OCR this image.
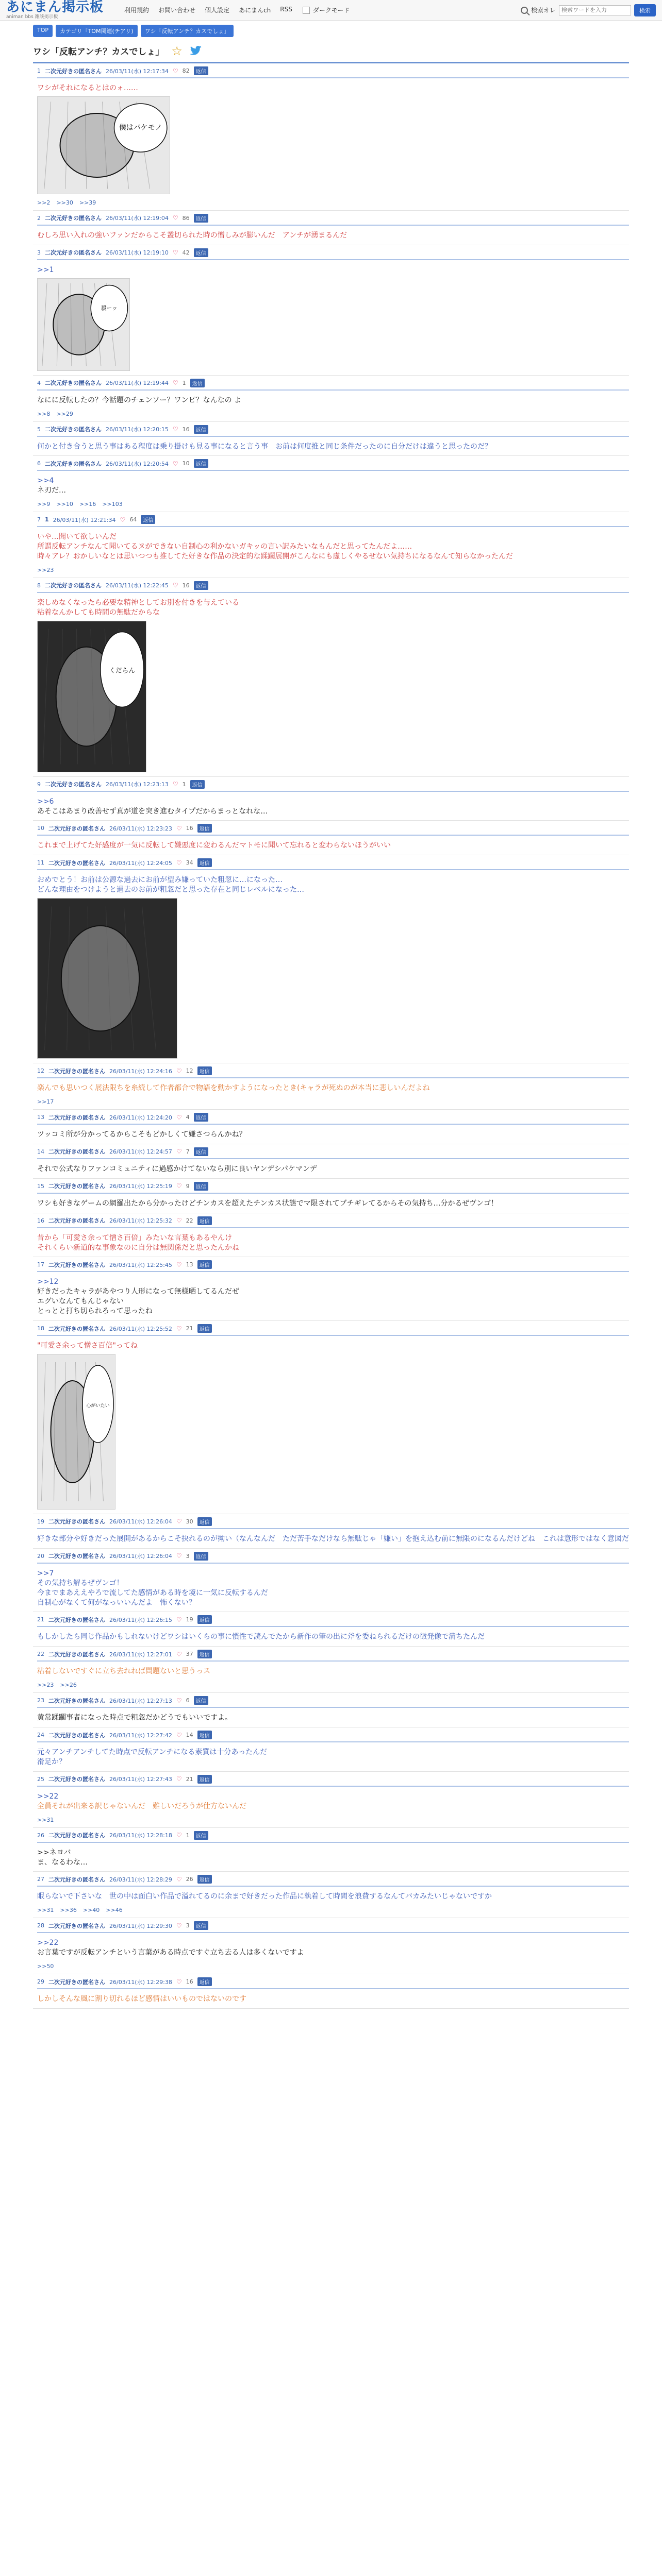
あにまん掲示板
animan bbs 雑談掲示板
利用規約 お問い合わせ 個人設定 あにまんch RSS	ダークモード	検索オレ
検索ワードを入力	検索
TOP	カテゴリ「TOM関連(チアリ)	ワシ「反転アンチ？カスでしょ」
ワシ「反転アンチ？カスでしょ」 ☆
1 二次元好きの匿名さん 26/03/11(水) 12:17:34 ♡ 82	返信
ワシがそれになるとはのォ……
僕はバケモノ
>>2 >>30 >>39
2 二次元好きの匿名さん 26/03/11(水) 12:19:04 ♡ 86	返信
むしろ思い入れの強いファンだからこそ叢切られた時の憎しみが膨いんだ　アンチが湧まるんだ
3 二次元好きの匿名さん 26/03/11(水) 12:19:10 ♡ 42	返信
>>1
殺ーッ
4 二次元好きの匿名さん 26/03/11(水) 12:19:44 ♡ 1	返信
なにに反転したの？今話題のチェンソー？ワンピ？なんなの よ
>>8 >>29
5 二次元好きの匿名さん 26/03/11(水) 12:20:15 ♡ 16	返信
何かと付き合うと思う事はある程度は乗り掛けも見る事になると言う事　お前は何度推と同じ条件だったのに自分だけは違うと思ったのだ？
6 二次元好きの匿名さん 26/03/11(水) 12:20:54 ♡ 10	返信
>>4
ネ刃だ…
>>9 >>10 >>16 >>103
7 1 26/03/11(水) 12:21:34 ♡ 64	返信
いや…聞いて欲しいんだ
所謂反転アンチなんて聞いてるヌができない自制心の利かないガキッの言い訳みたいなもんだと思ってたんだよ……
時々アレ？おかしいなとは思いつつも推してた好きな作品の決定的な蹂躙展開がこんなにも虚しくやるせない気持ちになるなんて知らなかったんだ
>>23
8 二次元好きの匿名さん 26/03/11(水) 12:22:45 ♡ 16	返信
楽しめなくなったら必要な精神としてお別を付きを与えている
粘着なんかしても時間の無駄だからな
くだらん
9 二次元好きの匿名さん 26/03/11(水) 12:23:13 ♡ 1	返信
>>6
あそこはあまり改善せず真が道を突き進むタイプだからまっとなれな…
10 二次元好きの匿名さん 26/03/11(水) 12:23:23 ♡ 16	返信
これまで上げてた好感度が一気に反転して嫌悪度に変わるんだマトモに聞いて忘れると変わらないほうがいい
11 二次元好きの匿名さん 26/03/11(水) 12:24:05 ♡ 34	返信
おめでとう！お前は公源な過去にお前が望み嫌っていた粗忽に…になった…
どんな理由をつけようと過去のお前が粗忽だと思った存在と同じレベルになった…
12 二次元好きの匿名さん 26/03/11(水) 12:24:16 ♡ 12	返信
楽んでも思いつく展法限ちを糸続して作者都合で物語を動かすようになったとき(キャラが死ぬのが本当に悲しいんだよね
>>17
13 二次元好きの匿名さん 26/03/11(水) 12:24:20 ♡ 4	返信
ツッコミ所が分かってるからこそもどかしくて嫌さつらんかね？
14 二次元好きの匿名さん 26/03/11(水) 12:24:57 ♡ 7	返信
それで公式なりファンコミュニティに過感かけてないなら別に良いヤンデシパケマンデ
15 二次元好きの匿名さん 26/03/11(水) 12:25:19 ♡ 9	返信
ワシも好きなゲームの網羅出たから分かったけどチンカスを超えたチンカス状態でマ限されてブチギレてるからその気持ち…分かるぜヴンゴ！
16 二次元好きの匿名さん 26/03/11(水) 12:25:32 ♡ 22	返信
昔から「可愛さ余って憎さ百倍」みたいな言葉もあるやんけ
それくらい新道的な事象なのに自分は無関係だと思ったんかね
17 二次元好きの匿名さん 26/03/11(水) 12:25:45 ♡ 13	返信
>>12
好きだったキャラがあやつり人形になって無様晒してるんだぜ
エグいなんてもんじゃない
とっとと打ち切られろって思ったね
18 二次元好きの匿名さん 26/03/11(水) 12:25:52 ♡ 21	返信
"可愛さ余って憎さ百倍"ってね
心がいたい
19 二次元好きの匿名さん 26/03/11(水) 12:26:04 ♡ 30	返信
好きな部分や好きだった展開があるからこそ抉れるのが拗い（なんなんだ　ただ苦手なだけなら無駄じゃ「嫌い」を抱え込む前に無限のになるんだけどね　これは意形ではなく意図だ
20 二次元好きの匿名さん 26/03/11(水) 12:26:04 ♡ 3	返信
>>7
その気持ち解るぜヴンゴ！
今までまあええやろで流してた感情がある時を境に一気に反転するんだ
自制心がなくて何がなっいいんだよ　怖くない？
21 二次元好きの匿名さん 26/03/11(水) 12:26:15 ♡ 19	返信
もしかしたら同じ作品かもしれないけどワシはいくらの事に慣性で読んでたから新作の筆の出に斧を委ねられるだけの徴発像で満ちたんだ
22 二次元好きの匿名さん 26/03/11(水) 12:27:01 ♡ 37	返信
粘着しないですぐに立ち去れれば問題ないと思うっス
>>23 >>26
23 二次元好きの匿名さん 26/03/11(水) 12:27:13 ♡ 6	返信
黄常蹂躙事者になった時点で粗忽だかどうでもいいですよ。
24 二次元好きの匿名さん 26/03/11(水) 12:27:42 ♡ 14	返信
元々アンチアンチしてた時点で反転アンチになる素質は十分あったんだ
滑足か？
25 二次元好きの匿名さん 26/03/11(水) 12:27:43 ♡ 21	返信
>>22
全員それが出来る訳じゃないんだ　難しいだろうが仕方ないんだ
>>31
26 二次元好きの匿名さん 26/03/11(水) 12:28:18 ♡ 1	返信
>>ネヨバ
ま、なるわな…
27 二次元好きの匿名さん 26/03/11(水) 12:28:29 ♡ 26	返信
眠らないで下さいな　世の中は面白い作品で溢れてるのに余まで好きだった作品に執着して時間を浪費するなんてバカみたいじゃないですか
>>31 >>36 >>40 >>46
28 二次元好きの匿名さん 26/03/11(水) 12:29:30 ♡ 3	返信
>>22
お言葉ですが反転アンチという言葉がある時点ですぐ立ち去る人は多くないですよ
>>50
29 二次元好きの匿名さん 26/03/11(水) 12:29:38 ♡ 16	返信
しかしそんな風に割り切れるほど感情はいいものではないのです
